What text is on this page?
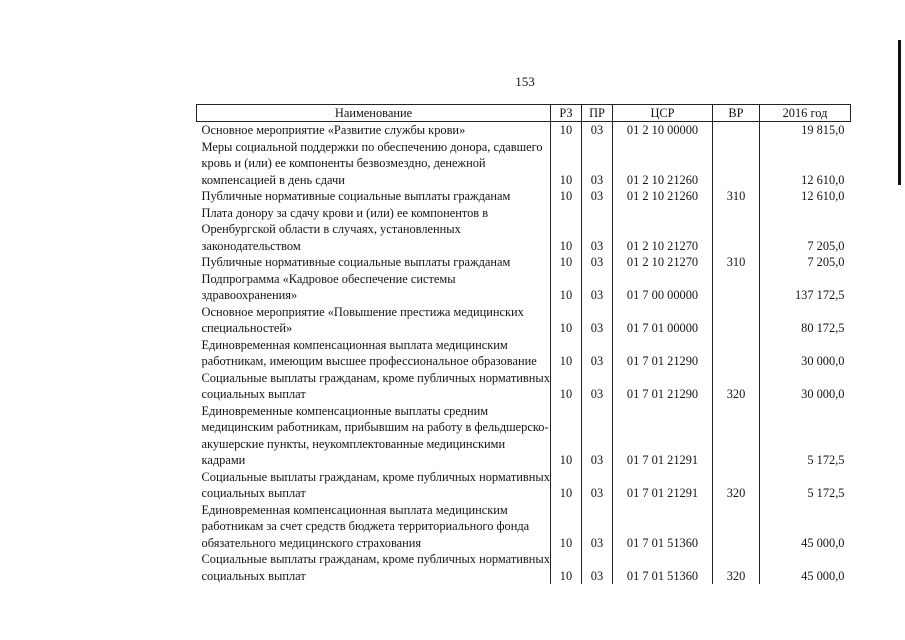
153
Наименование	РЗ	ПР	ЦСР	ВР	2016 год
Основное мероприятие «Развитие службы крови»	10	03	01 2 10 00000		19 815,0
Меры социальной поддержки по обеспечению донора, сдавшего кровь и (или) ее компоненты безвозмездно, денежной компенсацией в день сдачи	10	03	01 2 10 21260		12 610,0
Публичные нормативные социальные выплаты гражданам	10	03	01 2 10 21260	310	12 610,0
Плата донору за сдачу крови и (или) ее компонентов в Оренбургской области в случаях, установленных законодательством	10	03	01 2 10 21270		7 205,0
Публичные нормативные социальные выплаты гражданам	10	03	01 2 10 21270	310	7 205,0
Подпрограмма «Кадровое обеспечение системы здравоохранения»	10	03	01 7 00 00000		137 172,5
Основное мероприятие «Повышение престижа медицинских специальностей»	10	03	01 7 01 00000		80 172,5
Единовременная компенсационная выплата медицинским работникам, имеющим высшее профессиональное образование	10	03	01 7 01 21290		30 000,0
Социальные выплаты гражданам, кроме публичных нормативных социальных выплат	10	03	01 7 01 21290	320	30 000,0
Единовременные компенсационные выплаты средним медицинским работникам, прибывшим на работу в фельдшерско-акушерские пункты, неукомплектованные медицинскими кадрами	10	03	01 7 01 21291		5 172,5
Социальные выплаты гражданам, кроме публичных нормативных социальных выплат	10	03	01 7 01 21291	320	5 172,5
Единовременная компенсационная выплата медицинским работникам за счет средств бюджета территориального фонда обязательного медицинского страхования	10	03	01 7 01 51360		45 000,0
Социальные выплаты гражданам, кроме публичных нормативных социальных выплат	10	03	01 7 01 51360	320	45 000,0
